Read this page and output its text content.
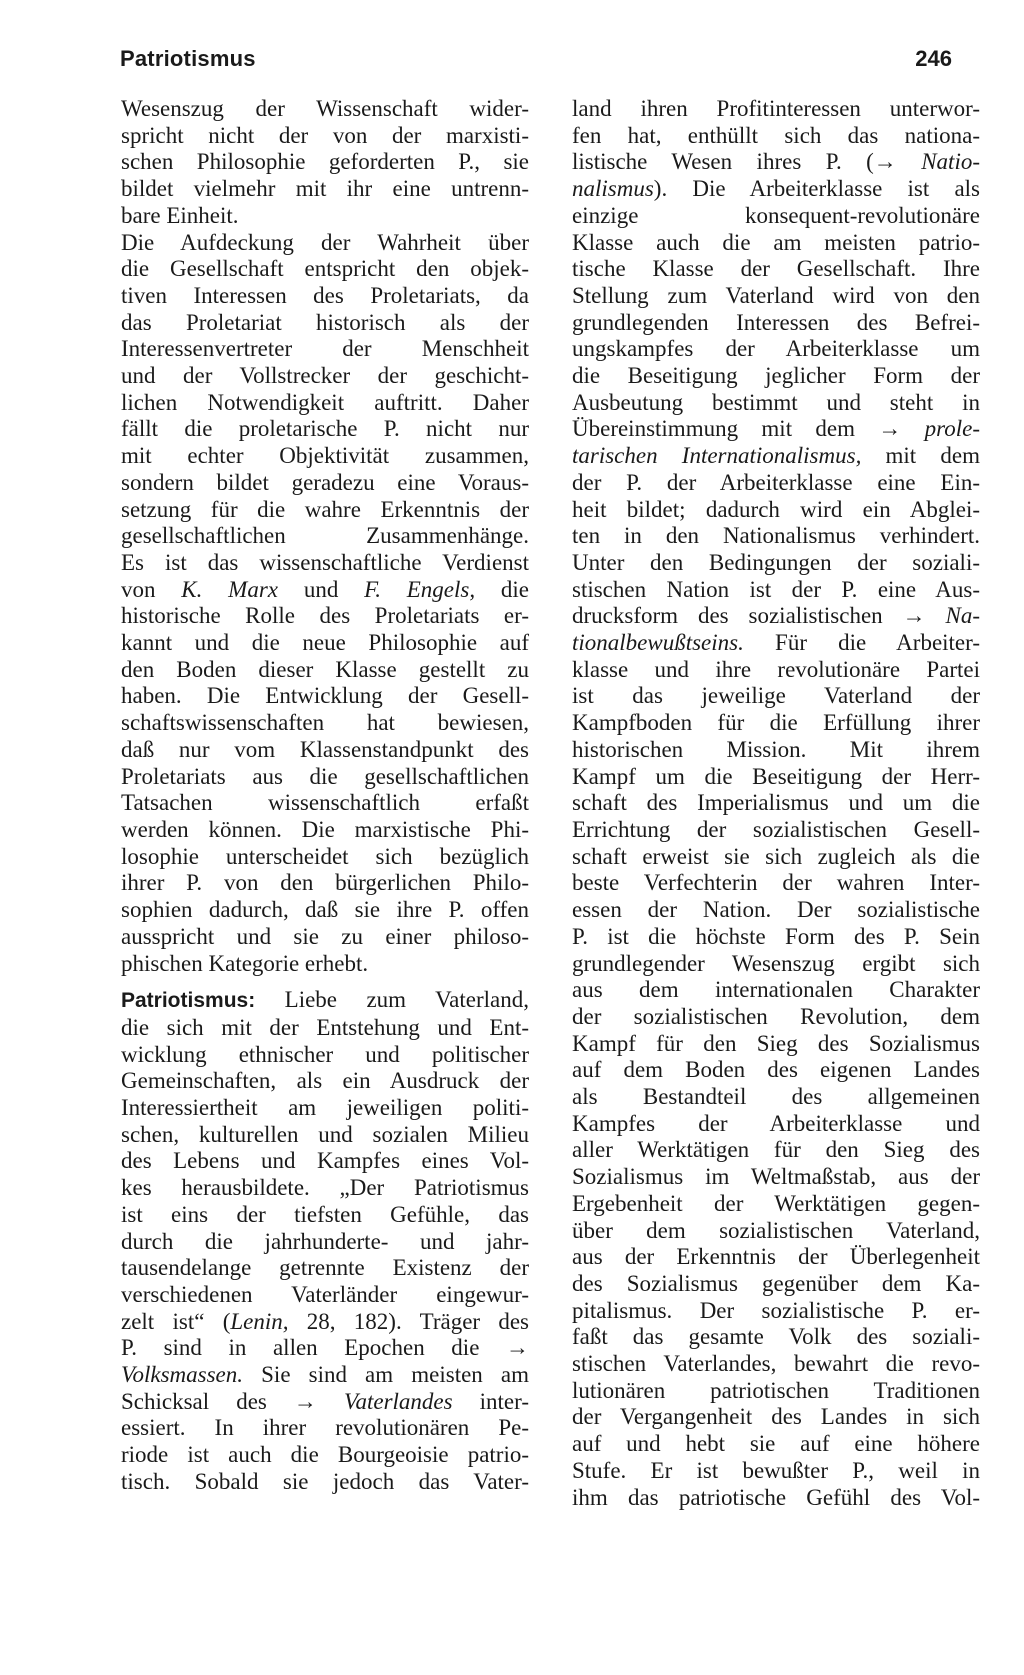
Patriotismus	246

Wesenszug der Wissenschaft wider-
spricht nicht der von der marxisti-
schen Philosophie geforderten P., sie
bildet vielmehr mit ihr eine untrenn-
bare Einheit.

Die Aufdeckung der Wahrheit über
die Gesellschaft entspricht den objek-
tiven Interessen des Proletariats, da
das Proletariat historisch als der
Interessenvertreter der Menschheit
und der Vollstrecker der geschicht-
lichen Notwendigkeit auftritt. Daher
fällt die proletarische P. nicht nur
mit echter Objektivität zusammen,
sondern bildet geradezu eine Voraus-
setzung für die wahre Erkenntnis der
gesellschaftlichen Zusammenhänge.
Es ist das wissenschaftliche Verdienst
von K. Marx und F. Engels, die
historische Rolle des Proletariats er-
kannt und die neue Philosophie auf
den Boden dieser Klasse gestellt zu
haben. Die Entwicklung der Gesell-
schaftswissenschaften hat bewiesen,
daß nur vom Klassenstandpunkt des
Proletariats aus die gesellschaftlichen
Tatsachen wissenschaftlich erfaßt
werden können. Die marxistische Phi-
losophie unterscheidet sich bezüglich
ihrer P. von den bürgerlichen Philo-
sophien dadurch, daß sie ihre P. offen
ausspricht und sie zu einer philoso-
phischen Kategorie erhebt.

Patriotismus: Liebe zum Vaterland,
die sich mit der Entstehung und Ent-
wicklung ethnischer und politischer
Gemeinschaften, als ein Ausdruck der
Interessiertheit am jeweiligen politi-
schen, kulturellen und sozialen Milieu
des Lebens und Kampfes eines Vol-
kes herausbildete. „Der Patriotismus
ist eins der tiefsten Gefühle, das
durch die jahrhunderte- und jahr-
tausendelange getrennte Existenz der
verschiedenen Vaterländer eingewur-
zelt ist“ (Lenin, 28, 182). Träger des
P. sind in allen Epochen die →
Volksmassen. Sie sind am meisten am
Schicksal des → Vaterlandes inter-
essiert. In ihrer revolutionären Pe-
riode ist auch die Bourgeoisie patrio-
tisch. Sobald sie jedoch das Vater-

land ihren Profitinteressen unterwor-
fen hat, enthüllt sich das nationa-
listische Wesen ihres P. (→ Natio-
nalismus). Die Arbeiterklasse ist als
einzige konsequent-revolutionäre
Klasse auch die am meisten patrio-
tische Klasse der Gesellschaft. Ihre
Stellung zum Vaterland wird von den
grundlegenden Interessen des Befrei-
ungskampfes der Arbeiterklasse um
die Beseitigung jeglicher Form der
Ausbeutung bestimmt und steht in
Übereinstimmung mit dem → prole-
tarischen Internationalismus, mit dem
der P. der Arbeiterklasse eine Ein-
heit bildet; dadurch wird ein Abglei-
ten in den Nationalismus verhindert.
Unter den Bedingungen der soziali-
stischen Nation ist der P. eine Aus-
drucksform des sozialistischen → Na-
tionalbewußtseins. Für die Arbeiter-
klasse und ihre revolutionäre Partei
ist das jeweilige Vaterland der
Kampfboden für die Erfüllung ihrer
historischen Mission. Mit ihrem
Kampf um die Beseitigung der Herr-
schaft des Imperialismus und um die
Errichtung der sozialistischen Gesell-
schaft erweist sie sich zugleich als die
beste Verfechterin der wahren Inter-
essen der Nation. Der sozialistische
P. ist die höchste Form des P. Sein
grundlegender Wesenszug ergibt sich
aus dem internationalen Charakter
der sozialistischen Revolution, dem
Kampf für den Sieg des Sozialismus
auf dem Boden des eigenen Landes
als Bestandteil des allgemeinen
Kampfes der Arbeiterklasse und
aller Werktätigen für den Sieg des
Sozialismus im Weltmaßstab, aus der
Ergebenheit der Werktätigen gegen-
über dem sozialistischen Vaterland,
aus der Erkenntnis der Überlegenheit
des Sozialismus gegenüber dem Ka-
pitalismus. Der sozialistische P. er-
faßt das gesamte Volk des soziali-
stischen Vaterlandes, bewahrt die revo-
lutionären patriotischen Traditionen
der Vergangenheit des Landes in sich
auf und hebt sie auf eine höhere
Stufe. Er ist bewußter P., weil in
ihm das patriotische Gefühl des Vol-
